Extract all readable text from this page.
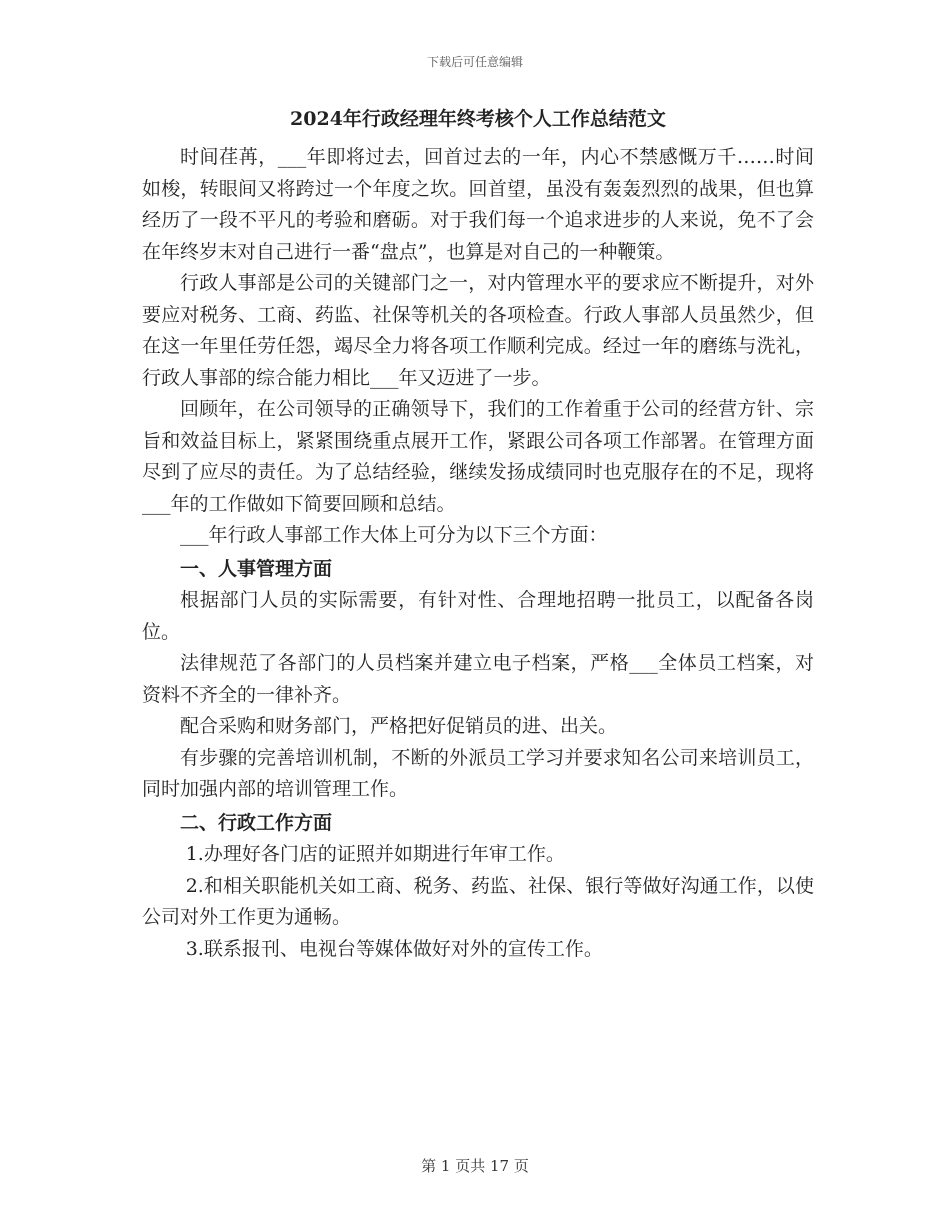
下载后可任意编辑
2024年行政经理年终考核个人工作总结范文

时间荏苒，___年即将过去，回首过去的一年，内心不禁感慨万千……时间如梭，转眼间又将跨过一个年度之坎。回首望，虽没有轰轰烈烈的战果，但也算经历了一段不平凡的考验和磨砺。对于我们每一个追求进步的人来说，免不了会在年终岁末对自己进行一番“盘点”，也算是对自己的一种鞭策。

行政人事部是公司的关键部门之一，对内管理水平的要求应不断提升，对外要应对税务、工商、药监、社保等机关的各项检查。行政人事部人员虽然少，但在这一年里任劳任怨，竭尽全力将各项工作顺利完成。经过一年的磨练与洗礼，行政人事部的综合能力相比___年又迈进了一步。

回顾年，在公司领导的正确领导下，我们的工作着重于公司的经营方针、宗旨和效益目标上，紧紧围绕重点展开工作，紧跟公司各项工作部署。在管理方面尽到了应尽的责任。为了总结经验，继续发扬成绩同时也克服存在的不足，现将___年的工作做如下简要回顾和总结。

___年行政人事部工作大体上可分为以下三个方面：

一、人事管理方面

根据部门人员的实际需要，有针对性、合理地招聘一批员工，以配备各岗位。

法律规范了各部门的人员档案并建立电子档案，严格___全体员工档案，对资料不齐全的一律补齐。

配合采购和财务部门，严格把好促销员的进、出关。

有步骤的完善培训机制，不断的外派员工学习并要求知名公司来培训员工，同时加强内部的培训管理工作。

二、行政工作方面

1.办理好各门店的证照并如期进行年审工作。

2.和相关职能机关如工商、税务、药监、社保、银行等做好沟通工作，以使公司对外工作更为通畅。

3.联系报刊、电视台等媒体做好对外的宣传工作。

第 1 页共 17 页
